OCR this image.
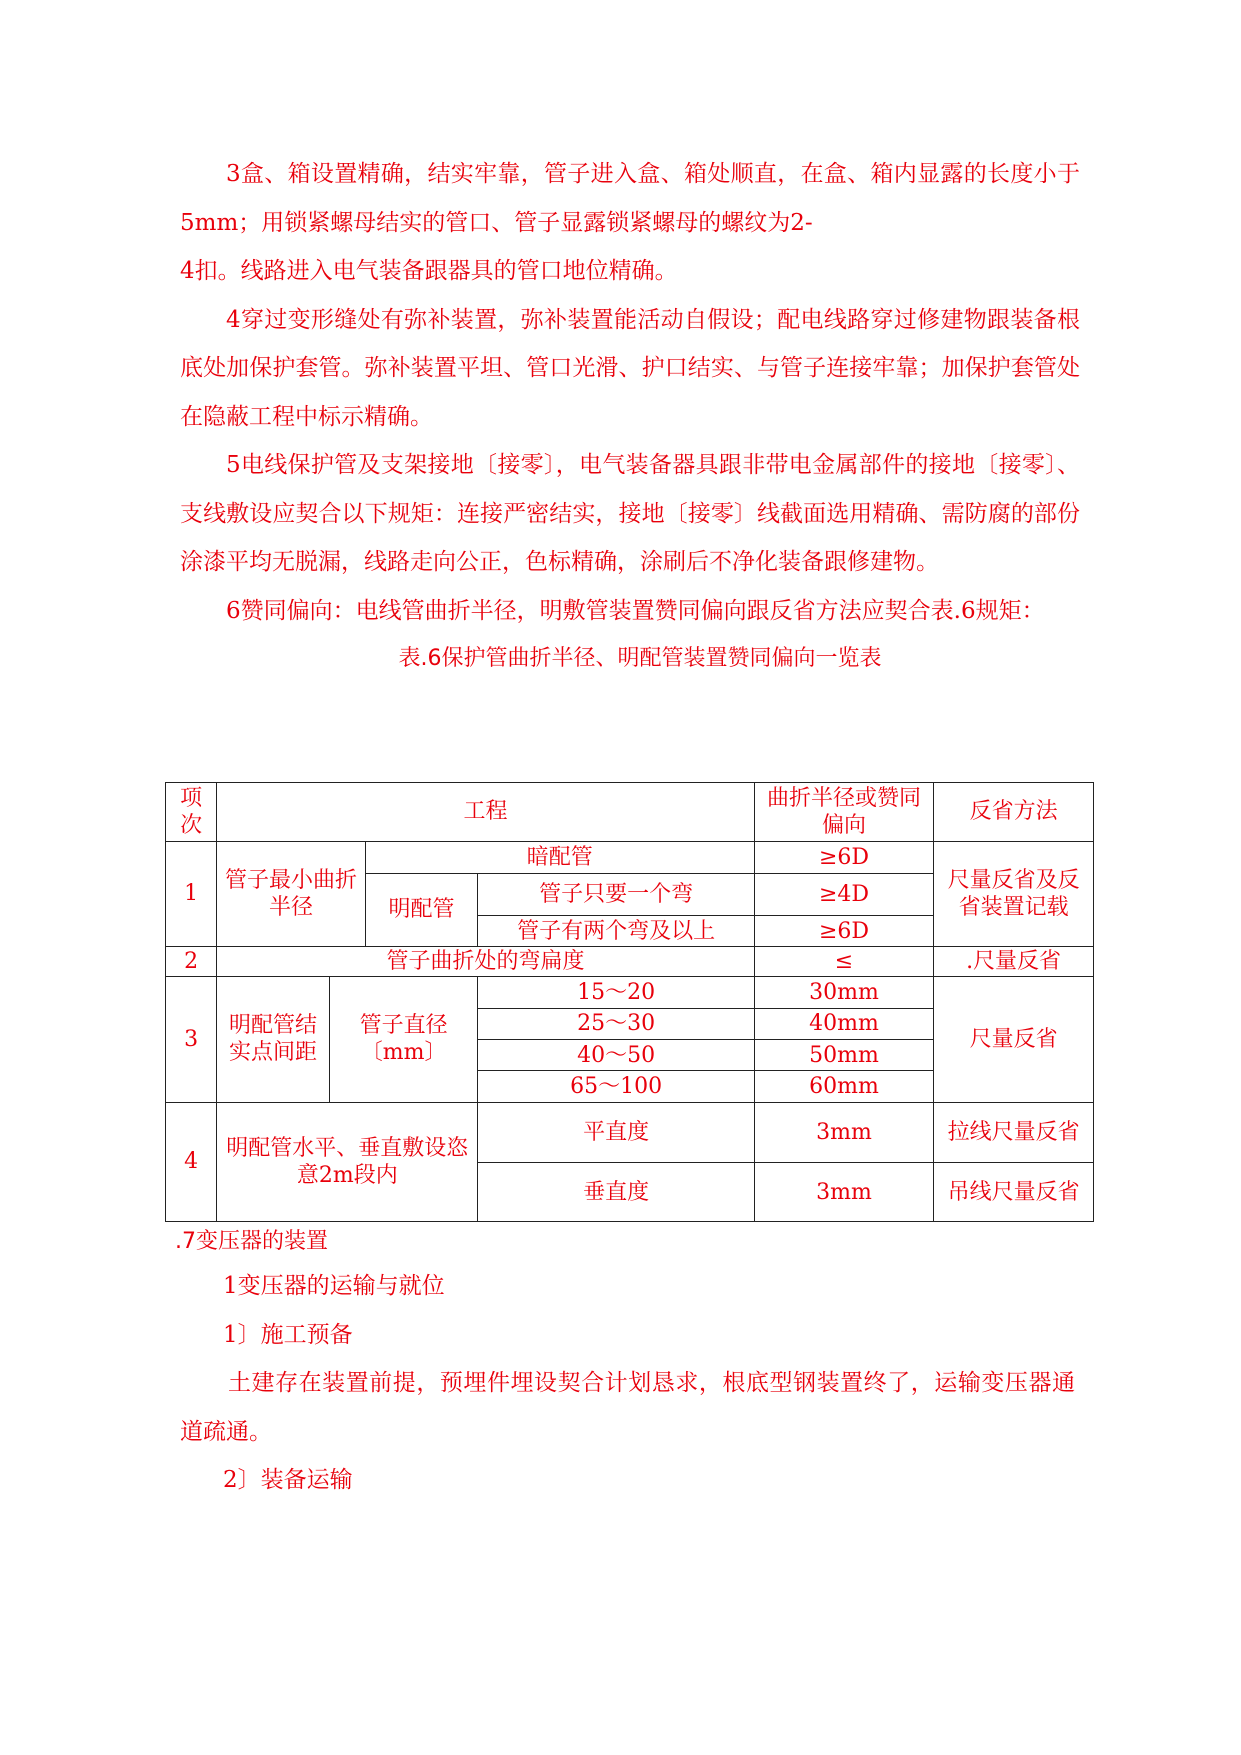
3盒、箱设置精确，结实牢靠，管子进入盒、箱处顺直，在盒、箱内显露的长度小于5mm；用锁紧螺母结实的管口、管子显露锁紧螺母的螺纹为2-

4扣。线路进入电气装备跟器具的管口地位精确。

4穿过变形缝处有弥补装置，弥补装置能活动自假设；配电线路穿过修建物跟装备根底处加保护套管。弥补装置平坦、管口光滑、护口结实、与管子连接牢靠；加保护套管处在隐蔽工程中标示精确。

5电线保护管及支架接地〔接零〕，电气装备器具跟非带电金属部件的接地〔接零〕、支线敷设应契合以下规矩：连接严密结实，接地〔接零〕线截面选用精确、需防腐的部份涂漆平均无脱漏，线路走向公正，色标精确，涂刷后不净化装备跟修建物。

6赞同偏向：电线管曲折半径，明敷管装置赞同偏向跟反省方法应契合表.6规矩：

表.6保护管曲折半径、明配管装置赞同偏向一览表

项次	工程				曲折半径或赞同偏向	反省方法
1	管子最小曲折半径		暗配管		≥6D	尺量反省及反省装置记载
			明配管	管子只要一个弯	≥4D	
				管子有两个弯及以上	≥6D	
2	管子曲折处的弯扁度				≤	.尺量反省
3	明配管结实点间距	管子直径〔mm〕		15～20	30mm	尺量反省
				25～30	40mm	
				40～50	50mm	
				65～100	60mm	
4	明配管水平、垂直敷设恣意2m段内			平直度	3mm	拉线尺量反省
				垂直度	3mm	吊线尺量反省

.7变压器的装置

1变压器的运输与就位

1〕施工预备

土建存在装置前提，预埋件埋设契合计划恳求，根底型钢装置终了，运输变压器通道疏通。

2〕装备运输
